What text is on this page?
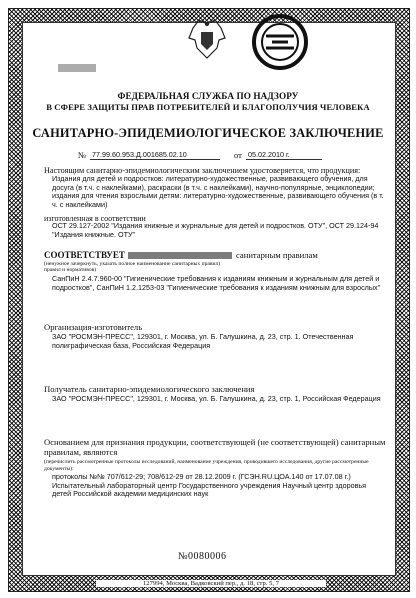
ФЕДЕРАЛЬНАЯ СЛУЖБА ПО НАДЗОРУ
В СФЕРЕ ЗАЩИТЫ ПРАВ ПОТРЕБИТЕЛЕЙ И БЛАГОПОЛУЧИЯ ЧЕЛОВЕКА
САНИТАРНО-ЭПИДЕМИОЛОГИЧЕСКОЕ ЗАКЛЮЧЕНИЕ
№ 77.99.60.953.Д.001685.02.10	от 05.02.2010 г.
Настоящим санитарно-эпидемиологическим заключением удостоверяется, что продукция:
Издания для детей и подростков: литературно-художественные, развивающего обучения, для досуга (в т.ч. с наклейками), раскраски (в т.ч. с наклейками), научно-популярные, энциклопедии; издания для чтения взрослыми детям: литературно-художественные, развивающего обучения (в т. ч. с наклейками)
изготовленная в соответствии
ОСТ 29.127-2002 "Издания книжные и журнальные для детей и подростков. ОТУ", ОСТ 29.124-94 "Издания книжные. ОТУ"
СООТВЕТСТВУЕТ	санитарным правилам
(ненужное зачеркнуть, указать полное наименование санитарных правил)
правил и нормативов)
СанПиН 2.4.7.960-00 "Гигиенические требования к изданиям книжным и журнальным для детей и подростков", СанПиН 1.2.1253-03 "Гигиенические требования к изданиям книжным для взрослых"
Организация-изготовитель
ЗАО "РОСМЭН-ПРЕСС", 129301, г. Москва, ул. Б. Галушкина, д. 23, стр. 1. Отечественная полиграфическая база, Российская Федерация
Получатель санитарно-эпидемиологического заключения
ЗАО "РОСМЭН-ПРЕСС", 129301, г. Москва, ул. Б. Галушкина, д. 23, стр. 1, Российская Федерация
Основанием для признания продукции, соответствующей (не соответствующей) санитарным правилам, являются
(перечислить рассмотренные протоколы исследований, наименование учреждения, проводившего исследования, другие рассмотренные документы):
протоколы №№ 707/612-29; 708/612-29 от 28.12.2009 г. (ГСЭН.RU.ЦОА.140 от 17.07.08 г.) Испытательный лабораторный центр Государственного учреждения Научный центр здоровья детей Российской академии медицинских наук
№0080006
127994, Москва, Вадковский пер., д. 18, стр. 5, 7
